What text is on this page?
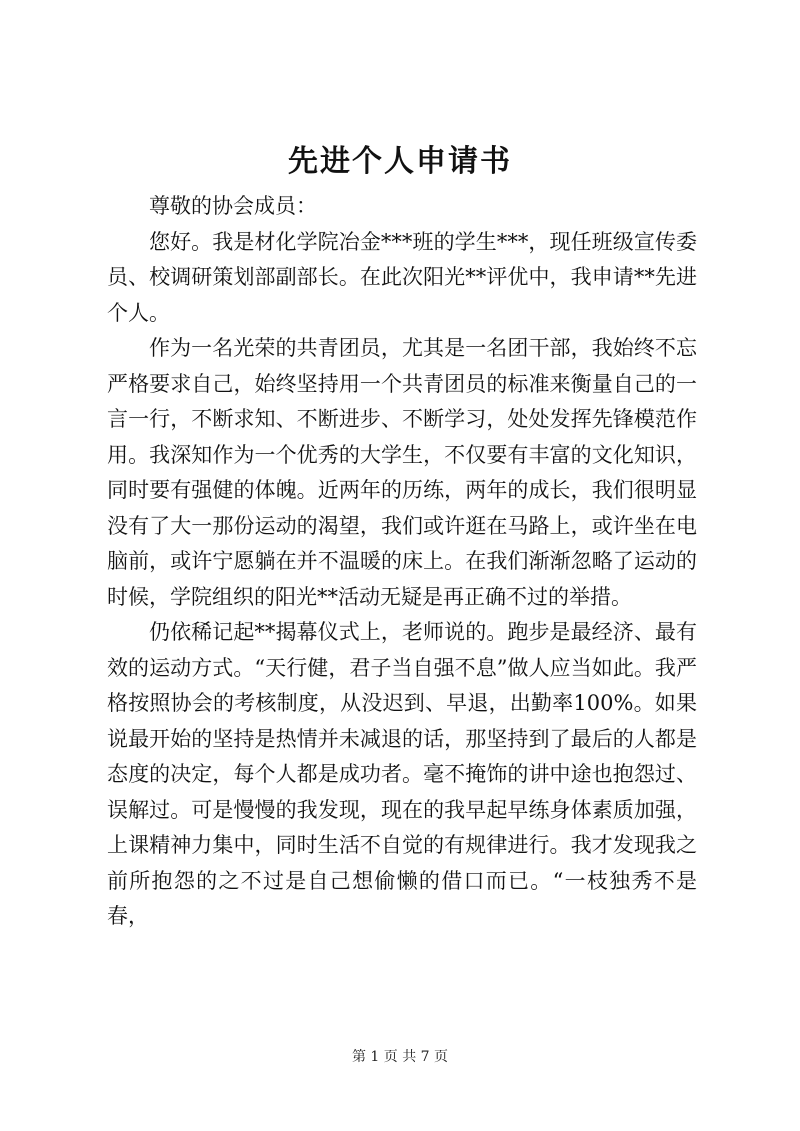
先进个人申请书

尊敬的协会成员：

您好。我是材化学院冶金***班的学生***，现任班级宣传委员、校调研策划部副部长。在此次阳光**评优中，我申请**先进个人。

作为一名光荣的共青团员，尤其是一名团干部，我始终不忘严格要求自己，始终坚持用一个共青团员的标准来衡量自己的一言一行，不断求知、不断进步、不断学习，处处发挥先锋模范作用。我深知作为一个优秀的大学生，不仅要有丰富的文化知识，同时要有强健的体魄。近两年的历练，两年的成长，我们很明显没有了大一那份运动的渴望，我们或许逛在马路上，或许坐在电脑前，或许宁愿躺在并不温暖的床上。在我们渐渐忽略了运动的时候，学院组织的阳光**活动无疑是再正确不过的举措。

仍依稀记起**揭幕仪式上，老师说的。跑步是最经济、最有效的运动方式。“天行健，君子当自强不息”做人应当如此。我严格按照协会的考核制度，从没迟到、早退，出勤率100%。如果说最开始的坚持是热情并未减退的话，那坚持到了最后的人都是态度的决定，每个人都是成功者。毫不掩饰的讲中途也抱怨过、误解过。可是慢慢的我发现，现在的我早起早练身体素质加强，上课精神力集中，同时生活不自觉的有规律进行。我才发现我之前所抱怨的之不过是自己想偷懒的借口而已。“一枝独秀不是春，

第 1 页 共 7 页
